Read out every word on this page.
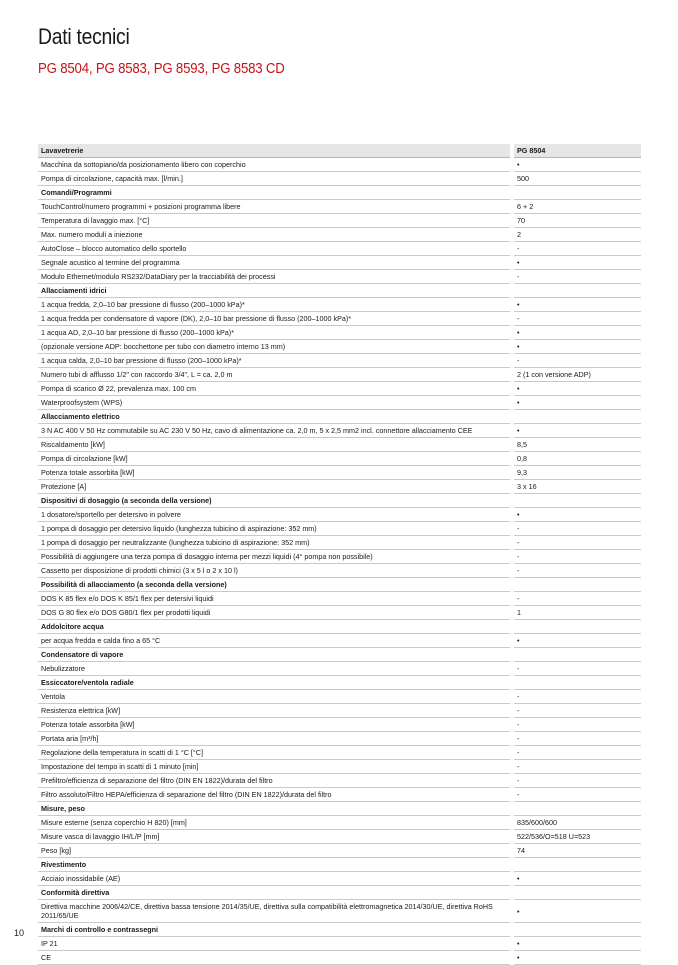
Dati tecnici
PG 8504, PG 8583, PG 8593, PG 8583 CD
Lavavetrerie	PG 8504
Macchina da sottopiano/da posizionamento libero con coperchio	•
Pompa di circolazione, capacità max. [l/min.]	500
Comandi/Programmi	
TouchControl/numero programmi + posizioni programma libere	6 + 2
Temperatura di lavaggio max. [°C]	70
Max. numero moduli a iniezione	2
AutoClose – blocco automatico dello sportello	-
Segnale acustico al termine del programma	•
Modulo Ethernet/modulo RS232/DataDiary per la tracciabilità dei processi	-
Allacciamenti idrici	
1 acqua fredda, 2,0–10 bar pressione di flusso (200–1000 kPa)*	•
1 acqua fredda per condensatore di vapore (DK), 2,0–10 bar pressione di flusso (200–1000 kPa)*	-
1 acqua AD, 2,0–10 bar pressione di flusso (200–1000 kPa)*	•
(opzionale versione ADP: bocchettone per tubo con diametro interno 13 mm)	•
1 acqua calda, 2,0–10 bar pressione di flusso (200–1000 kPa)*	-
Numero tubi di afflusso 1/2" con raccordo 3/4", L = ca. 2,0 m	2 (1 con versione ADP)
Pompa di scarico Ø 22, prevalenza max. 100 cm	•
Waterproofsystem (WPS)	•
Allacciamento elettrico	
3 N AC 400 V 50 Hz commutabile su AC 230 V 50 Hz, cavo di alimentazione ca. 2,0 m, 5 x 2,5 mm2 incl. connettore allacciamento CEE	•
Riscaldamento [kW]	8,5
Pompa di circolazione [kW]	0,8
Potenza totale assorbita [kW]	9,3
Protezione [A]	3 x 16
Dispositivi di dosaggio (a seconda della versione)	
1 dosatore/sportello per detersivo in polvere	•
1 pompa di dosaggio per detersivo liquido (lunghezza tubicino di aspirazione: 352 mm)	-
1 pompa di dosaggio per neutralizzante (lunghezza tubicino di aspirazione: 352 mm)	-
Possibilità di aggiungere una terza pompa di dosaggio interna per mezzi liquidi (4° pompa non possibile)	-
Cassetto per disposizione di prodotti chimici (3 x 5 l o 2 x 10 l)	-
Possibilità di allacciamento (a seconda della versione)	
DOS K 85 flex e/o DOS K 85/1 flex per detersivi liquidi	-
DOS G 80 flex e/o DOS G80/1 flex per prodotti liquidi	1
Addolcitore acqua	
per acqua fredda e calda fino a 65 °C	•
Condensatore di vapore	
Nebulizzatore	-
Essiccatore/ventola radiale	
Ventola	-
Resistenza elettrica [kW]	-
Potenza totale assorbita [kW]	-
Portata aria [m³/h]	-
Regolazione della temperatura in scatti di 1 °C [°C]	-
Impostazione del tempo in scatti di 1 minuto [min]	-
Prefiltro/efficienza di separazione del filtro (DIN EN 1822)/durata del filtro	-
Filtro assoluto/Filtro HEPA/efficienza di separazione del filtro (DIN EN 1822)/durata del filtro	-
Misure, peso	
Misure esterne (senza coperchio H 820) [mm]	835/600/600
Misure vasca di lavaggio IH/L/P [mm]	522/536/O=518 U=523
Peso [kg]	74
Rivestimento	
Acciaio inossidabile (AE)	•
Conformità direttiva	
Direttiva macchine 2006/42/CE, direttiva bassa tensione 2014/35/UE, direttiva sulla compatibilità elettromagnetica 2014/30/UE, direttiva RoHS 2011/65/UE	•
Marchi di controllo e contrassegni	
IP 21	•
CE	•
10
